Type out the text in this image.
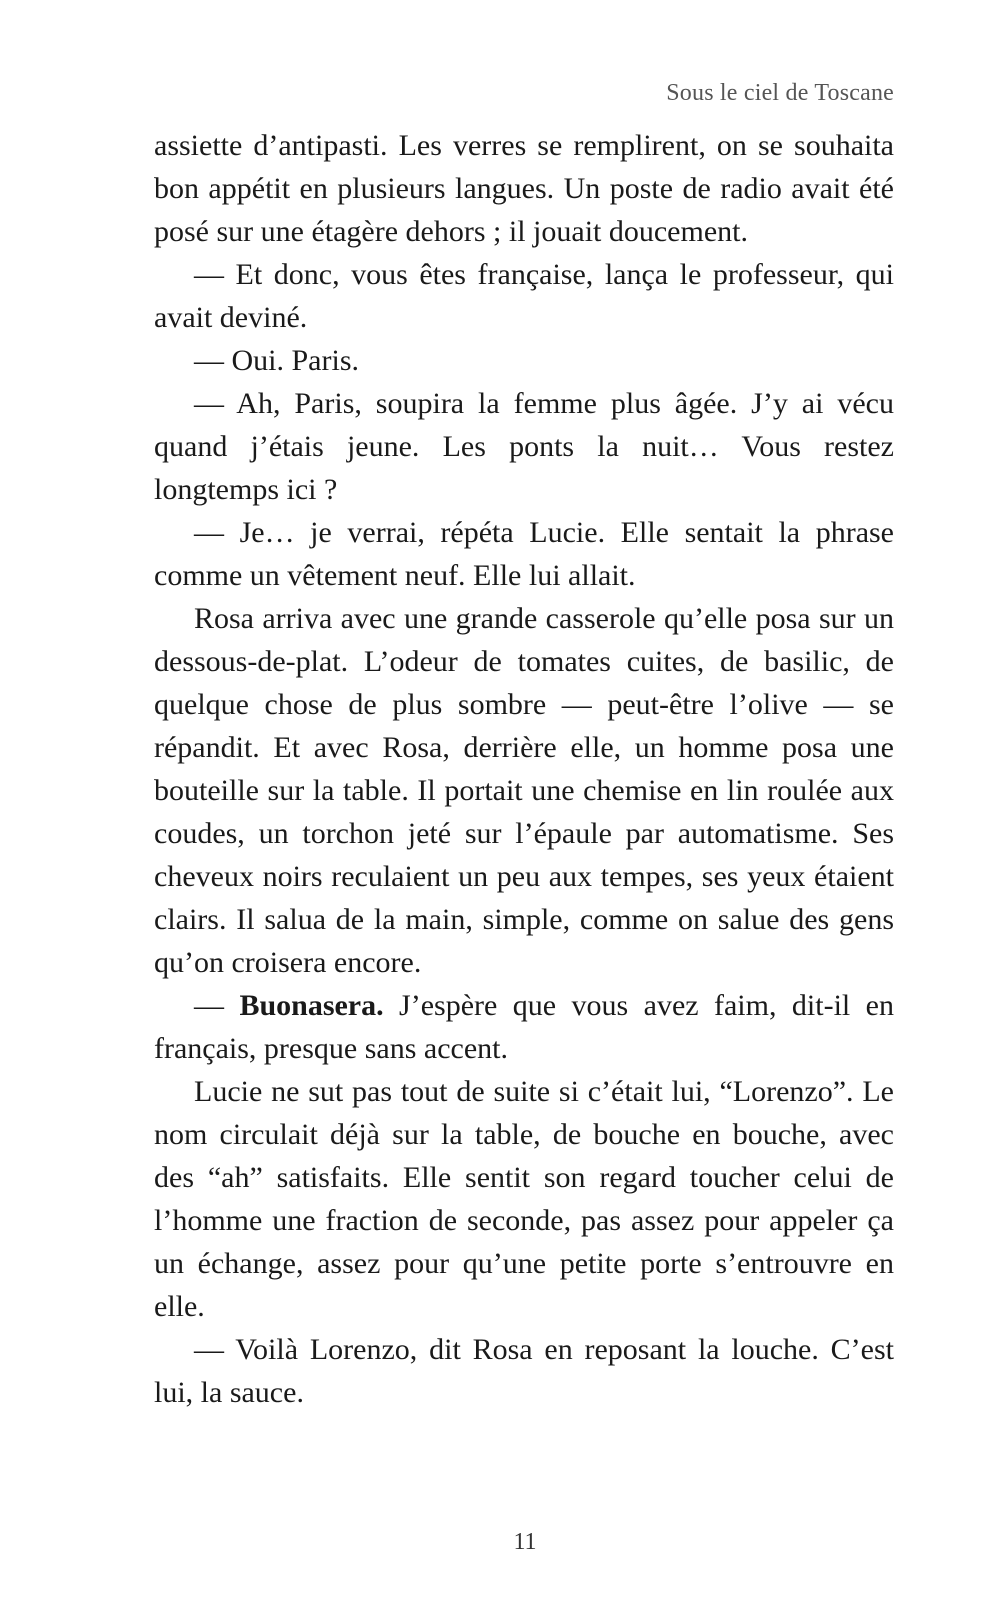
Sous le ciel de Toscane

assiette d’antipasti. Les verres se remplirent, on se souhaita bon appétit en plusieurs langues. Un poste de radio avait été posé sur une étagère dehors ; il jouait doucement.

— Et donc, vous êtes française, lança le professeur, qui avait deviné.

— Oui. Paris.

— Ah, Paris, soupira la femme plus âgée. J’y ai vécu quand j’étais jeune. Les ponts la nuit… Vous restez longtemps ici ?

— Je… je verrai, répéta Lucie. Elle sentait la phrase comme un vêtement neuf. Elle lui allait.

Rosa arriva avec une grande casserole qu’elle posa sur un dessous-de-plat. L’odeur de tomates cuites, de basilic, de quelque chose de plus sombre — peut-être l’olive — se répandit. Et avec Rosa, derrière elle, un homme posa une bouteille sur la table. Il portait une chemise en lin roulée aux coudes, un torchon jeté sur l’épaule par automatisme. Ses cheveux noirs reculaient un peu aux tempes, ses yeux étaient clairs. Il salua de la main, simple, comme on salue des gens qu’on croisera encore.

— Buonasera. J’espère que vous avez faim, dit-il en français, presque sans accent.

Lucie ne sut pas tout de suite si c’était lui, “Lorenzo”. Le nom circulait déjà sur la table, de bouche en bouche, avec des “ah” satisfaits. Elle sentit son regard toucher celui de l’homme une fraction de seconde, pas assez pour appeler ça un échange, assez pour qu’une petite porte s’entrouvre en elle.

— Voilà Lorenzo, dit Rosa en reposant la louche. C’est lui, la sauce.

11
